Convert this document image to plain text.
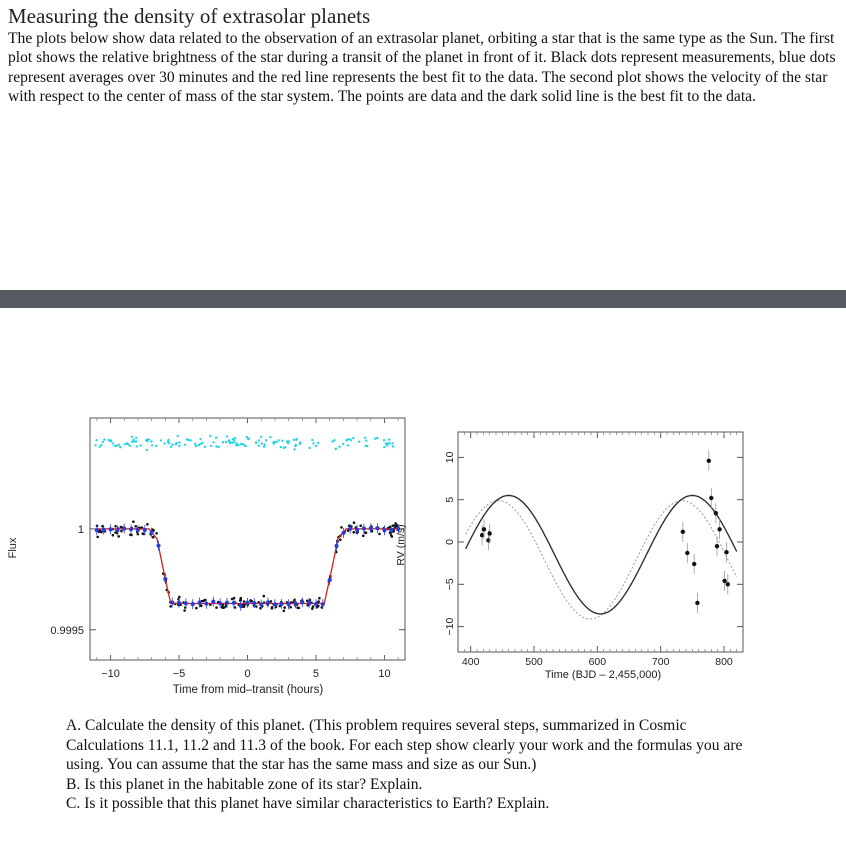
Measuring the density of extrasolar planets
The plots below show data related to the observation of an extrasolar planet, orbiting a star that is the same type as the Sun. The first plot shows the relative brightness of the star during a transit of the planet in front of it. Black dots represent measurements, blue dots represent averages over 30 minutes and the red line represents the best fit to the data. The second plot shows the velocity of the star with respect to the center of mass of the star system. The points are data and the dark solid line is the best fit to the data.
−10	−5	0	5	10
0.9995
1
Time from mid–transit (hours)
Flux
400	500	600	700	800
10
5
0
−5
−10
Time (BJD – 2,455,000)
RV (m/s)

A. Calculate the density of this planet. (This problem requires several steps, summarized in Cosmic Calculations 11.1, 11.2 and 11.3 of the book. For each step show clearly your work and the formulas you are using. You can assume that the star has the same mass and size as our Sun.)

B. Is this planet in the habitable zone of its star? Explain.

C. Is it possible that this planet have similar characteristics to Earth? Explain.
